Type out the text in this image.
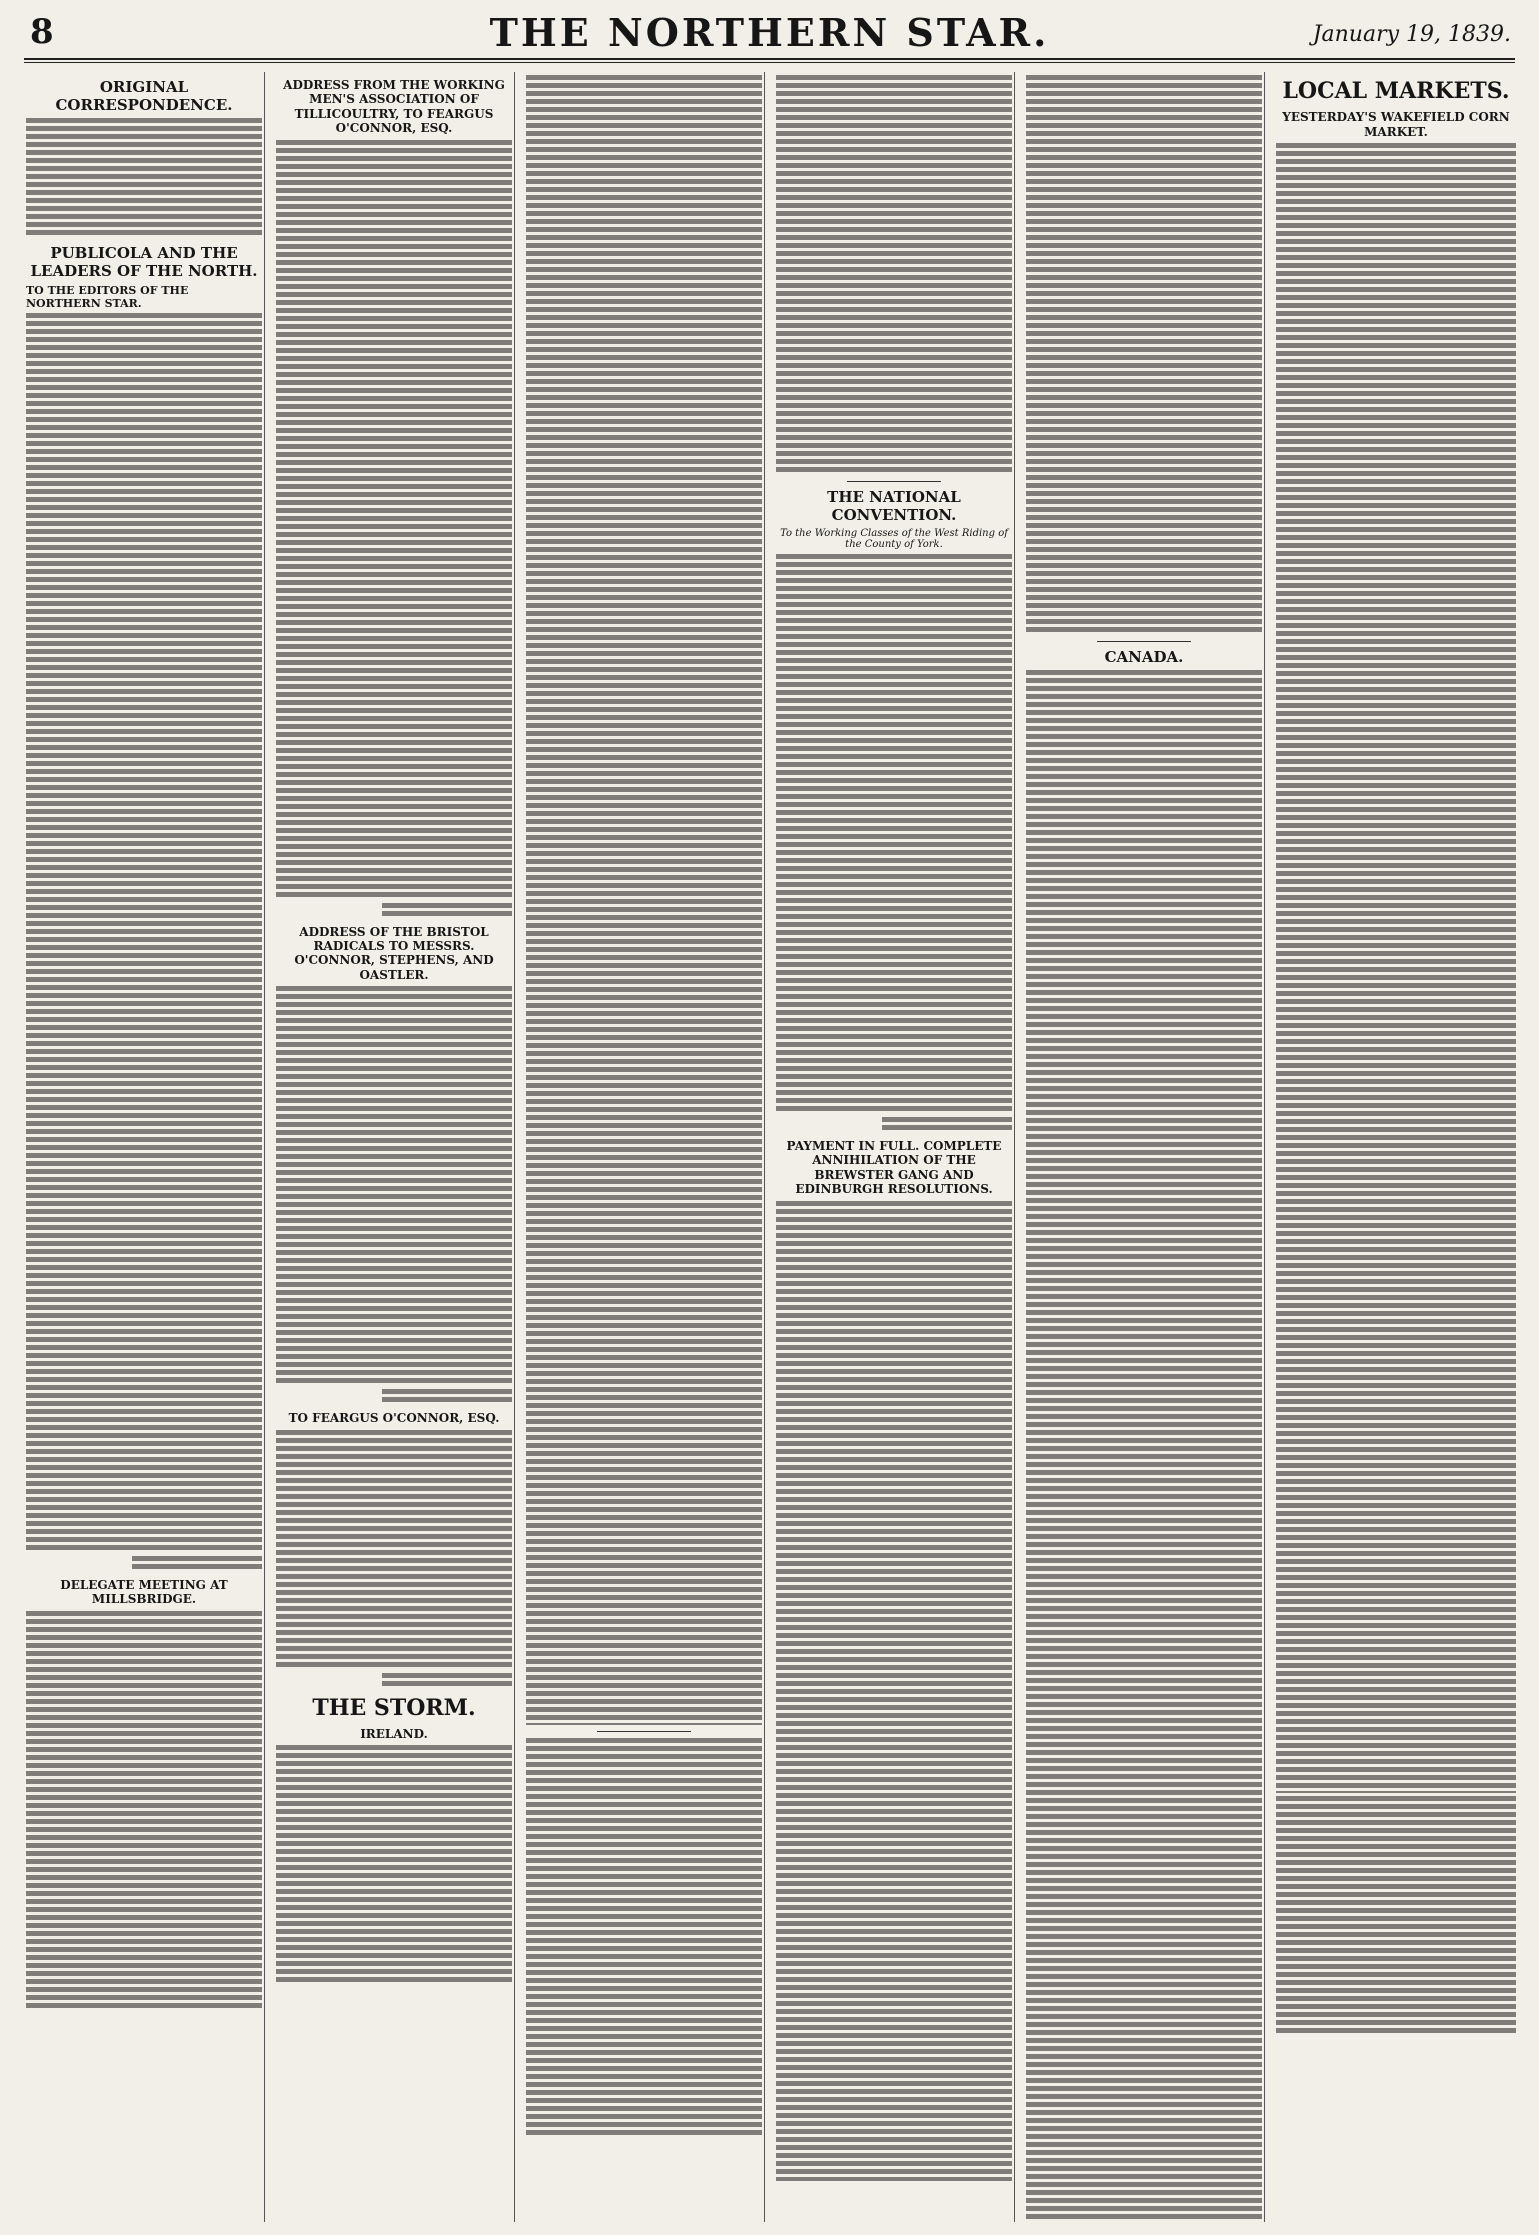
8	THE NORTHERN STAR.	January 19, 1839.
ORIGINAL CORRESPONDENCE.
PUBLICOLA AND THE LEADERS OF THE NORTH.
TO THE EDITORS OF THE NORTHERN STAR.
DELEGATE MEETING AT MILLSBRIDGE.
ADDRESS FROM THE WORKING MEN'S ASSOCIATION OF TILLICOULTRY, TO FEARGUS O'CONNOR, ESQ.
ADDRESS OF THE BRISTOL RADICALS TO MESSRS. O'CONNOR, STEPHENS, AND OASTLER.
TO FEARGUS O'CONNOR, ESQ.
THE STORM.
IRELAND.
THE NATIONAL CONVENTION.
To the Working Classes of the West Riding of the County of York.
PAYMENT IN FULL. COMPLETE ANNIHILATION OF THE BREWSTER GANG AND EDINBURGH RESOLUTIONS.
CANADA.
LOCAL MARKETS.
YESTERDAY'S WAKEFIELD CORN MARKET.
